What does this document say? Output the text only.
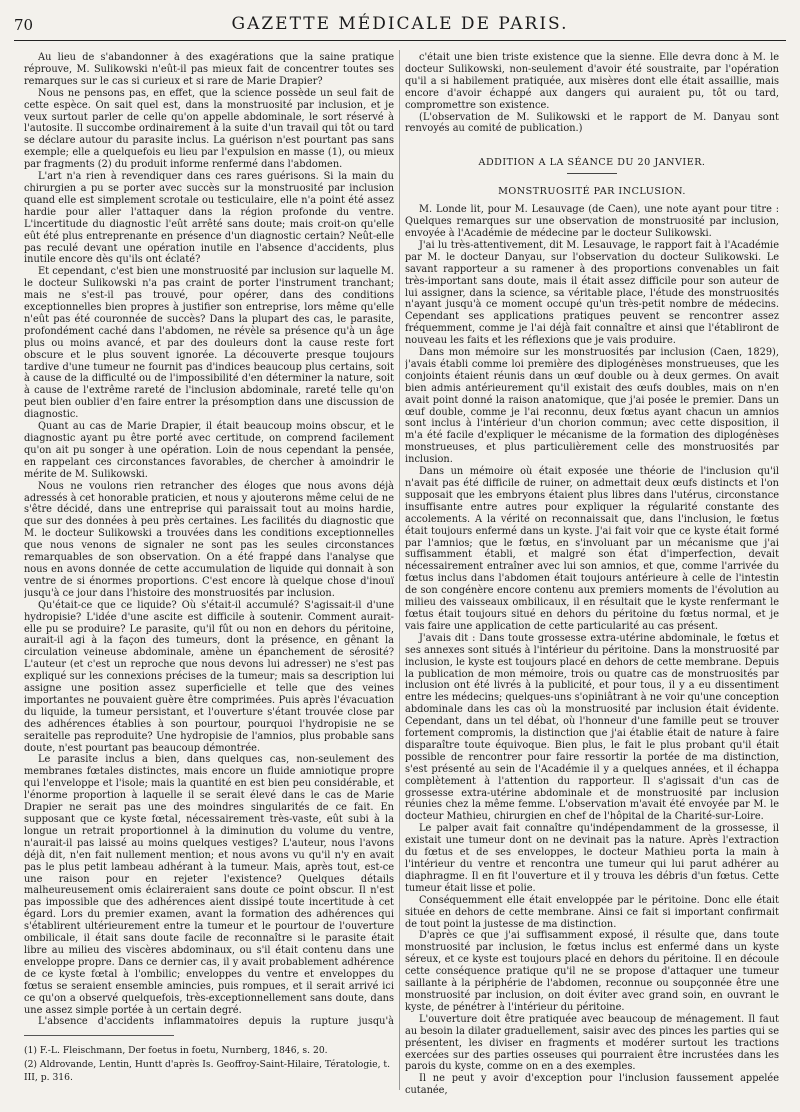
70	GAZETTE MÉDICALE DE PARIS.

Au lieu de s'abandonner à des exagérations que la saine pratique réprouve, M. Sulikowski n'eût-il pas mieux fait de concentrer toutes ses remarques sur le cas si curieux et si rare de Marie Drapier?

Nous ne pensons pas, en effet, que la science possède un seul fait de cette espèce. On sait quel est, dans la monstruosité par inclusion, et je veux surtout parler de celle qu'on appelle abdominale, le sort réservé à l'autosite. Il succombe ordinairement à la suite d'un travail qui tôt ou tard se déclare autour du parasite inclus. La guérison n'est pourtant pas sans exemple; elle a quelquefois eu lieu par l'expulsion en masse (1), ou mieux par fragments (2) du produit informe renfermé dans l'abdomen.

L'art n'a rien à revendiquer dans ces rares guérisons. Si la main du chirurgien a pu se porter avec succès sur la monstruosité par inclusion quand elle est simplement scrotale ou testiculaire, elle n'a point été assez hardie pour aller l'attaquer dans la région profonde du ventre. L'incertitude du diagnostic l'eût arrêté sans doute; mais croit-on qu'elle eût été plus entreprenante en présence d'un diagnostic certain? Neût-elle pas reculé devant une opération inutile en l'absence d'accidents, plus inutile encore dès qu'ils ont éclaté?

Et cependant, c'est bien une monstruosité par inclusion sur laquelle M. le docteur Sulikowski n'a pas craint de porter l'instrument tranchant; mais ne s'est-il pas trouvé, pour opérer, dans des conditions exceptionnelles bien propres à justifier son entreprise, lors même qu'elle n'eût pas été couronnée de succès? Dans la plupart des cas, le parasite, profondément caché dans l'abdomen, ne révèle sa présence qu'à un âge plus ou moins avancé, et par des douleurs dont la cause reste fort obscure et le plus souvent ignorée. La découverte presque toujours tardive d'une tumeur ne fournit pas d'indices beaucoup plus certains, soit à cause de la difficulté ou de l'impossibilité d'en déterminer la nature, soit à cause de l'extrême rareté de l'inclusion abdominale, rareté telle qu'on peut bien oublier d'en faire entrer la présomption dans une discussion de diagnostic.

Quant au cas de Marie Drapier, il était beaucoup moins obscur, et le diagnostic ayant pu être porté avec certitude, on comprend facilement qu'on ait pu songer à une opération. Loin de nous cependant la pensée, en rappelant ces circonstances favorables, de chercher à amoindrir le mérite de M. Sulikowski.

Nous ne voulons rien retrancher des éloges que nous avons déjà adressés à cet honorable praticien, et nous y ajouterons même celui de ne s'être décidé, dans une entreprise qui paraissait tout au moins hardie, que sur des données à peu près certaines. Les facilités du diagnostic que M. le docteur Sulikowski a trouvées dans les conditions exceptionnelles que nous venons de signaler ne sont pas les seules circonstances remarquables de son observation. On a été frappé dans l'analyse que nous en avons donnée de cette accumulation de liquide qui donnait à son ventre de si énormes proportions. C'est encore là quelque chose d'inouï jusqu'à ce jour dans l'histoire des monstruosités par inclusion.

Qu'était-ce que ce liquide? Où s'était-il accumulé? S'agissait-il d'une hydropisie? L'idée d'une ascite est difficile à soutenir. Comment aurait-elle pu se produire? Le parasite, qu'il fût ou non en dehors du péritoine, aurait-il agi à la façon des tumeurs, dont la présence, en gênant la circulation veineuse abdominale, amène un épanchement de sérosité? L'auteur (et c'est un reproche que nous devons lui adresser) ne s'est pas expliqué sur les connexions précises de la tumeur; mais sa description lui assigne une position assez superficielle et telle que des veines importantes ne pouvaient guère être comprimées. Puis après l'évacuation du liquide, la tumeur persistant, et l'ouverture s'étant trouvée close par des adhérences établies à son pourtour, pourquoi l'hydropisie ne se seraitelle pas reproduite? Une hydropisie de l'amnios, plus probable sans doute, n'est pourtant pas beaucoup démontrée.

Le parasite inclus a bien, dans quelques cas, non-seulement des membranes fœtales distinctes, mais encore un fluide amniotique propre qui l'enveloppe et l'isole; mais la quantité en est bien peu considérable, et l'énorme proportion à laquelle il se serait élevé dans le cas de Marie Drapier ne serait pas une des moindres singularités de ce fait. En supposant que ce kyste fœtal, nécessairement très-vaste, eût subi à la longue un retrait proportionnel à la diminution du volume du ventre, n'aurait-il pas laissé au moins quelques vestiges? L'auteur, nous l'avons déjà dit, n'en fait nullement mention; et nous avons vu qu'il n'y en avait pas le plus petit lambeau adhérant à la tumeur. Mais, après tout, est-ce une raison pour en rejeter l'existence? Quelques détails malheureusement omis éclaireraient sans doute ce point obscur. Il n'est pas impossible que des adhérences aient dissipé toute incertitude à cet égard. Lors du premier examen, avant la formation des adhérences qui s'établirent ultérieurement entre la tumeur et le pourtour de l'ouverture ombilicale, il était sans doute facile de reconnaître si le parasite était libre au milieu des viscères abdominaux, ou s'il était contenu dans une enveloppe propre. Dans ce dernier cas, il y avait probablement adhérence de ce kyste fœtal à l'ombilic; enveloppes du ventre et enveloppes du fœtus se seraient ensemble amincies, puis rompues, et il serait arrivé ici ce qu'on a observé quelquefois, très-exceptionnellement sans doute, dans une assez simple portée à un certain degré.

L'absence d'accidents inflammatoires depuis la rupture jusqu'à

(1) F.-L. Fleischmann, Der foetus in foetu, Nurnberg, 1846, s. 20.
(2) Aldrovande, Lentin, Huntt d'après Is. Geoffroy-Saint-Hilaire, Tératologie, t. III, p. 316.

c'était une bien triste existence que la sienne. Elle devra donc à M. le docteur Sulikowski, non-seulement d'avoir été soustraite, par l'opération qu'il a si habilement pratiquée, aux misères dont elle était assaillie, mais encore d'avoir échappé aux dangers qui auraient pu, tôt ou tard, compromettre son existence.

(L'observation de M. Sulikowski et le rapport de M. Danyau sont renvoyés au comité de publication.)

ADDITION A LA SÉANCE DU 20 JANVIER.
MONSTRUOSITÉ PAR INCLUSION.

M. Londe lit, pour M. Lesauvage (de Caen), une note ayant pour titre : Quelques remarques sur une observation de monstruosité par inclusion, envoyée à l'Académie de médecine par le docteur Sulikowski.

J'ai lu très-attentivement, dit M. Lesauvage, le rapport fait à l'Académie par M. le docteur Danyau, sur l'observation du docteur Sulikowski. Le savant rapporteur a su ramener à des proportions convenables un fait très-important sans doute, mais il était assez difficile pour son auteur de lui assigner, dans la science, sa véritable place, l'étude des monstruosités n'ayant jusqu'à ce moment occupé qu'un très-petit nombre de médecins. Cependant ses applications pratiques peuvent se rencontrer assez fréquemment, comme je l'ai déjà fait connaître et ainsi que l'établiront de nouveau les faits et les réflexions que je vais produire.

Dans mon mémoire sur les monstruosités par inclusion (Caen, 1829), j'avais établi comme loi première des diplogénèses monstrueuses, que les conjoints étaient réunis dans un œuf double ou à deux germes. On avait bien admis antérieurement qu'il existait des œufs doubles, mais on n'en avait point donné la raison anatomique, que j'ai posée le premier. Dans un œuf double, comme je l'ai reconnu, deux fœtus ayant chacun un amnios sont inclus à l'intérieur d'un chorion commun; avec cette disposition, il m'a été facile d'expliquer le mécanisme de la formation des diplogénèses monstrueuses, et plus particulièrement celle des monstruosités par inclusion.

Dans un mémoire où était exposée une théorie de l'inclusion qu'il n'avait pas été difficile de ruiner, on admettait deux œufs distincts et l'on supposait que les embryons étaient plus libres dans l'utérus, circonstance insuffisante entre autres pour expliquer la régularité constante des accolements. A la vérité on reconnaissait que, dans l'inclusion, le fœtus était toujours enfermé dans un kyste. J'ai fait voir que ce kyste était formé par l'amnios; que le fœtus, en s'involuant par un mécanisme que j'ai suffisamment établi, et malgré son état d'imperfection, devait nécessairement entraîner avec lui son amnios, et que, comme l'arrivée du fœtus inclus dans l'abdomen était toujours antérieure à celle de l'intestin de son congénère encore contenu aux premiers moments de l'évolution au milieu des vaisseaux ombilicaux, il en résultait que le kyste renfermant le fœtus était toujours situé en dehors du péritoine du fœtus normal, et je vais faire une application de cette particularité au cas présent.

J'avais dit : Dans toute grossesse extra-utérine abdominale, le fœtus et ses annexes sont situés à l'intérieur du péritoine. Dans la monstruosité par inclusion, le kyste est toujours placé en dehors de cette membrane. Depuis la publication de mon mémoire, trois ou quatre cas de monstruosités par inclusion ont été livrés à la publicité, et pour tous, il y a eu dissentiment entre les médecins; quelques-uns s'opiniâtrant à ne voir qu'une conception abdominale dans les cas où la monstruosité par inclusion était évidente. Cependant, dans un tel débat, où l'honneur d'une famille peut se trouver fortement compromis, la distinction que j'ai établie était de nature à faire disparaître toute équivoque. Bien plus, le fait le plus probant qu'il était possible de rencontrer pour faire ressortir la portée de ma distinction, s'est présenté au sein de l'Académie il y a quelques années, et il échappa complètement à l'attention du rapporteur. Il s'agissait d'un cas de grossesse extra-utérine abdominale et de monstruosité par inclusion réunies chez la même femme. L'observation m'avait été envoyée par M. le docteur Mathieu, chirurgien en chef de l'hôpital de la Charité-sur-Loire.

Le palper avait fait connaître qu'indépendamment de la grossesse, il existait une tumeur dont on ne devinait pas la nature. Après l'extraction du fœtus et de ses enveloppes, le docteur Mathieu porta la main à l'intérieur du ventre et rencontra une tumeur qui lui parut adhérer au diaphragme. Il en fit l'ouverture et il y trouva les débris d'un fœtus. Cette tumeur était lisse et polie.

Conséquemment elle était enveloppée par le péritoine. Donc elle était située en dehors de cette membrane. Ainsi ce fait si important confirmait de tout point la justesse de ma distinction.

D'après ce que j'ai suffisamment exposé, il résulte que, dans toute monstruosité par inclusion, le fœtus inclus est enfermé dans un kyste séreux, et ce kyste est toujours placé en dehors du péritoine. Il en découle cette conséquence pratique qu'il ne se propose d'attaquer une tumeur saillante à la périphérie de l'abdomen, reconnue ou soupçonnée être une monstruosité par inclusion, on doit éviter avec grand soin, en ouvrant le kyste, de pénétrer à l'intérieur du péritoine.

L'ouverture doit être pratiquée avec beaucoup de ménagement. Il faut au besoin la dilater graduellement, saisir avec des pinces les parties qui se présentent, les diviser en fragments et modérer surtout les tractions exercées sur des parties osseuses qui pourraient être incrustées dans les parois du kyste, comme on en a des exemples.

Il ne peut y avoir d'exception pour l'inclusion faussement appelée cutanée,
